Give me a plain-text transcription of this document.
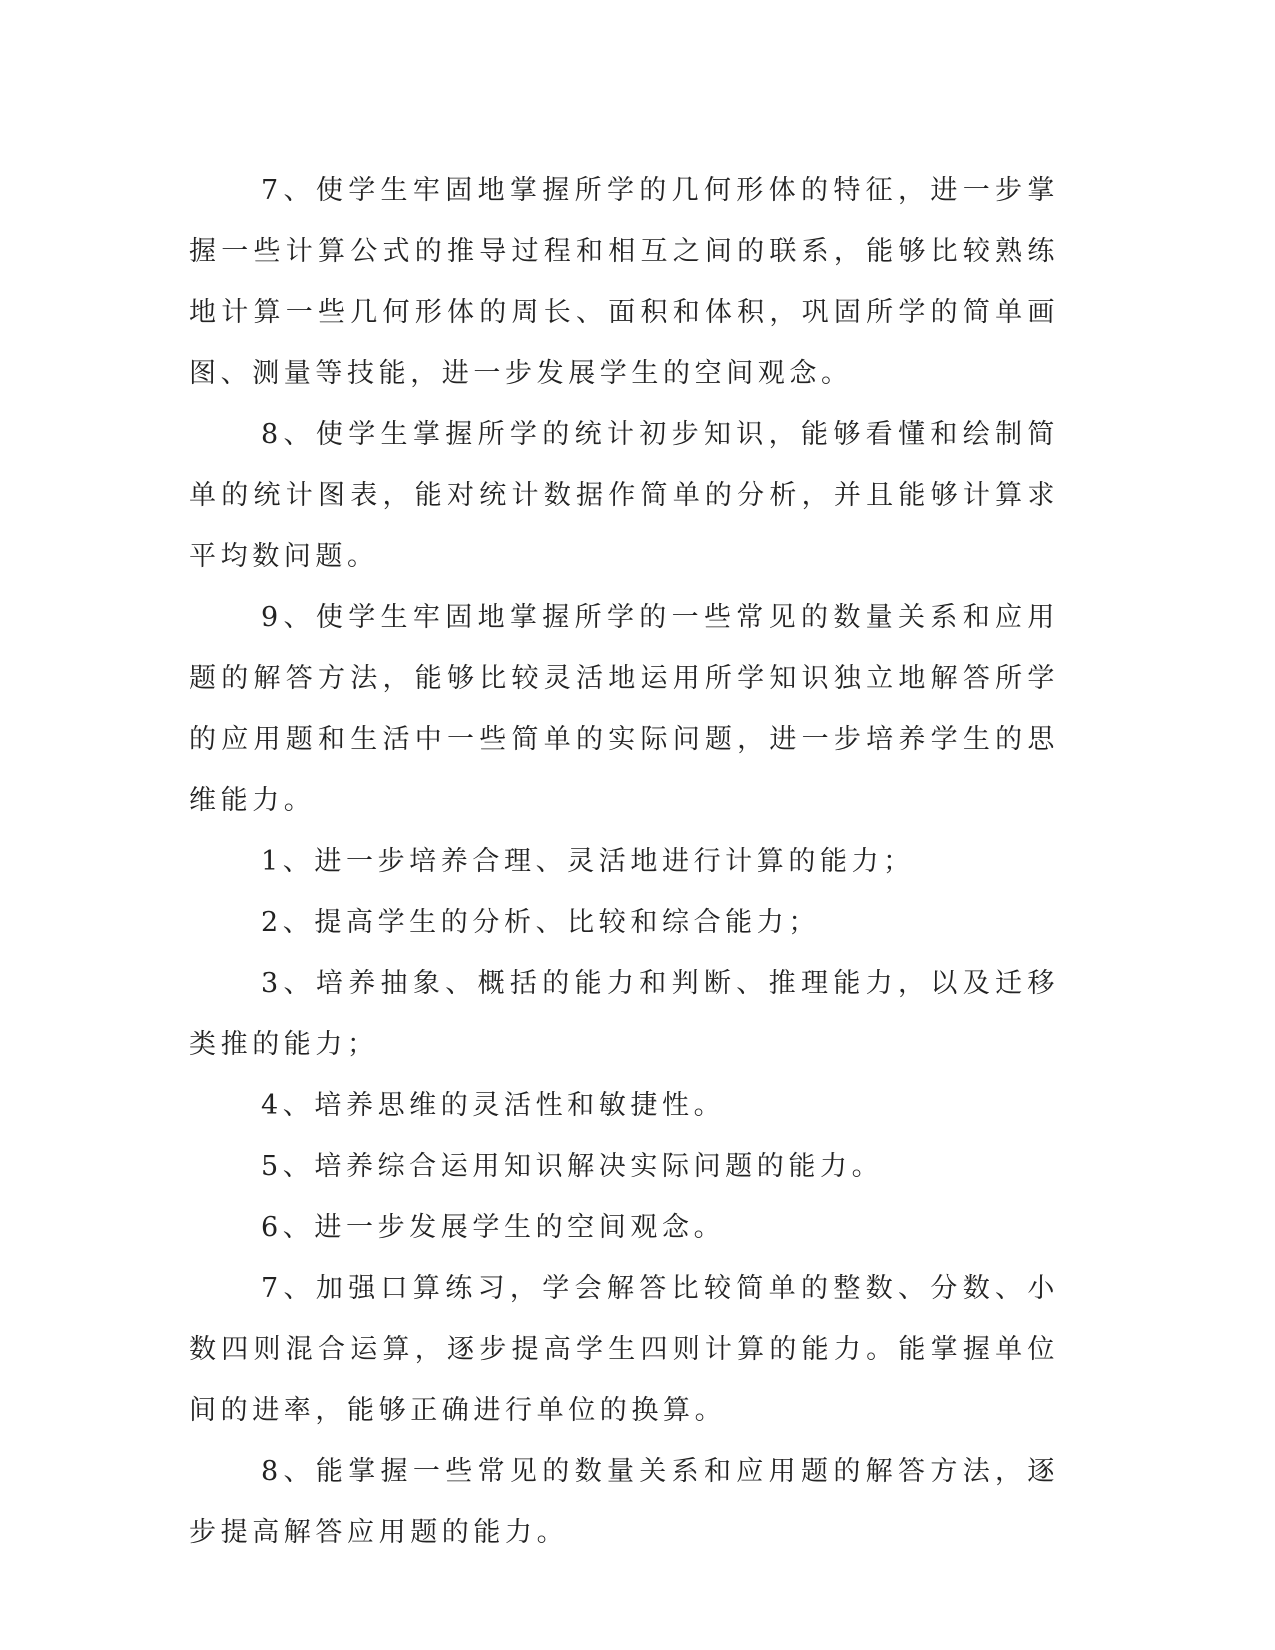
7、使学生牢固地掌握所学的几何形体的特征，进一步掌握一些计算公式的推导过程和相互之间的联系，能够比较熟练地计算一些几何形体的周长、面积和体积，巩固所学的简单画图、测量等技能，进一步发展学生的空间观念。

8、使学生掌握所学的统计初步知识，能够看懂和绘制简单的统计图表，能对统计数据作简单的分析，并且能够计算求平均数问题。

9、使学生牢固地掌握所学的一些常见的数量关系和应用题的解答方法，能够比较灵活地运用所学知识独立地解答所学的应用题和生活中一些简单的实际问题，进一步培养学生的思维能力。

1、进一步培养合理、灵活地进行计算的能力；

2、提高学生的分析、比较和综合能力；

3、培养抽象、概括的能力和判断、推理能力，以及迁移类推的能力；

4、培养思维的灵活性和敏捷性。

5、培养综合运用知识解决实际问题的能力。

6、进一步发展学生的空间观念。

7、加强口算练习，学会解答比较简单的整数、分数、小数四则混合运算，逐步提高学生四则计算的能力。能掌握单位间的进率，能够正确进行单位的换算。

8、能掌握一些常见的数量关系和应用题的解答方法，逐步提高解答应用题的能力。
